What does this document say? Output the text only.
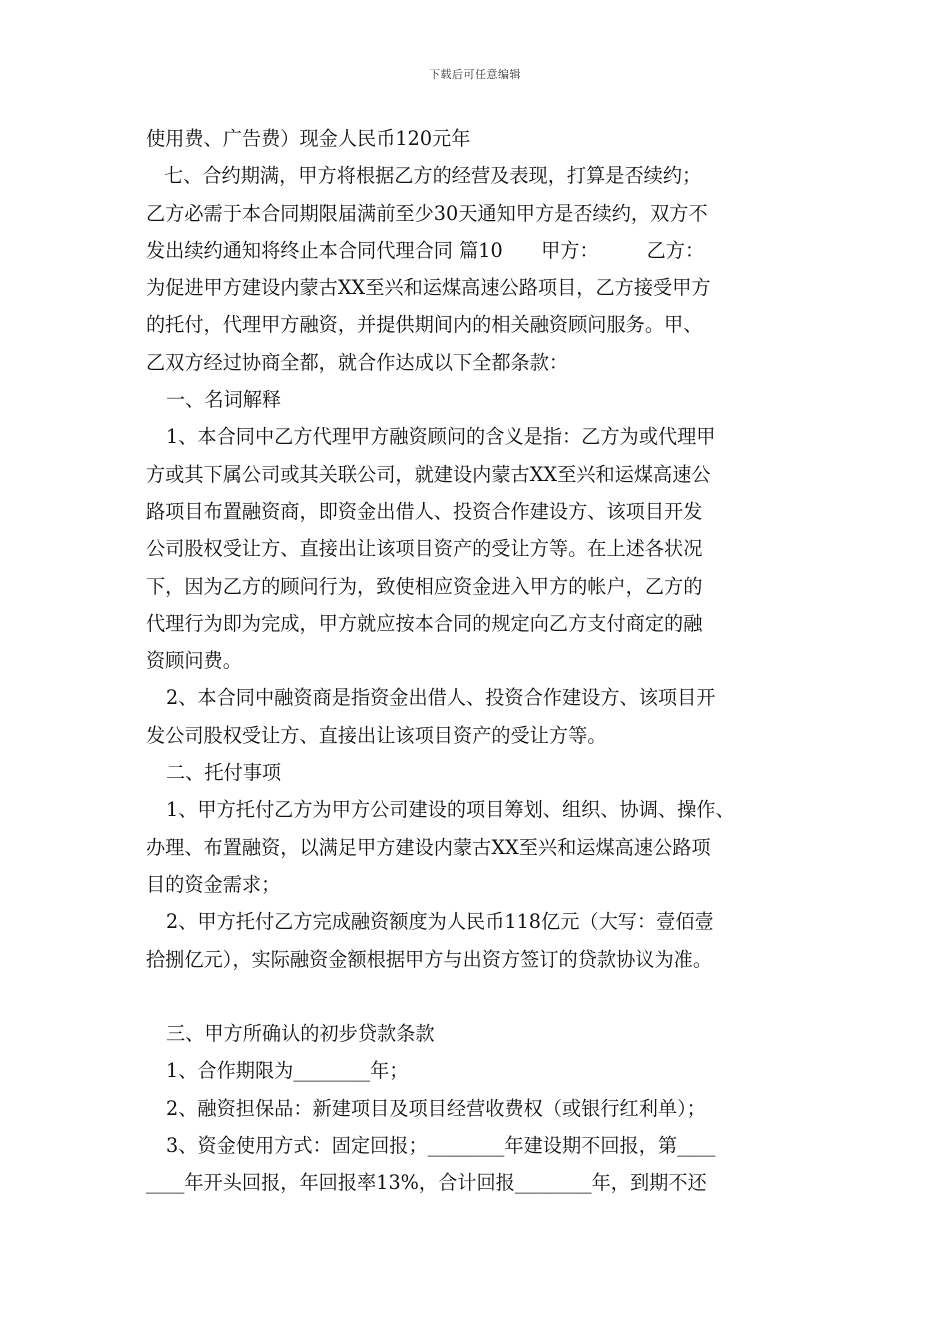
下载后可任意编辑
使用费、广告费）现金人民币120元年
七、合约期满，甲方将根据乙方的经营及表现，打算是否续约；
乙方必需于本合同期限届满前至少30天通知甲方是否续约，双方不
发出续约通知将终止本合同代理合同 篇10　　甲方：　　　乙方：
为促进甲方建设内蒙古XX至兴和运煤高速公路项目，乙方接受甲方
的托付，代理甲方融资，并提供期间内的相关融资顾问服务。甲、
乙双方经过协商全都，就合作达成以下全都条款：
一、名词解释
1、本合同中乙方代理甲方融资顾问的含义是指：乙方为或代理甲
方或其下属公司或其关联公司，就建设内蒙古XX至兴和运煤高速公
路项目布置融资商，即资金出借人、投资合作建设方、该项目开发
公司股权受让方、直接出让该项目资产的受让方等。在上述各状况
下，因为乙方的顾问行为，致使相应资金进入甲方的帐户，乙方的
代理行为即为完成，甲方就应按本合同的规定向乙方支付商定的融
资顾问费。
2、本合同中融资商是指资金出借人、投资合作建设方、该项目开
发公司股权受让方、直接出让该项目资产的受让方等。
二、托付事项
1、甲方托付乙方为甲方公司建设的项目筹划、组织、协调、操作、
办理、布置融资，以满足甲方建设内蒙古XX至兴和运煤高速公路项
目的资金需求；
2、甲方托付乙方完成融资额度为人民币118亿元（大写：壹佰壹
拾捌亿元），实际融资金额根据甲方与出资方签订的贷款协议为准。
三、甲方所确认的初步贷款条款
1、合作期限为________年；
2、融资担保品：新建项目及项目经营收费权（或银行红利单）；
3、资金使用方式：固定回报；________年建设期不回报，第____
____年开头回报，年回报率13%，合计回报________年，到期不还
